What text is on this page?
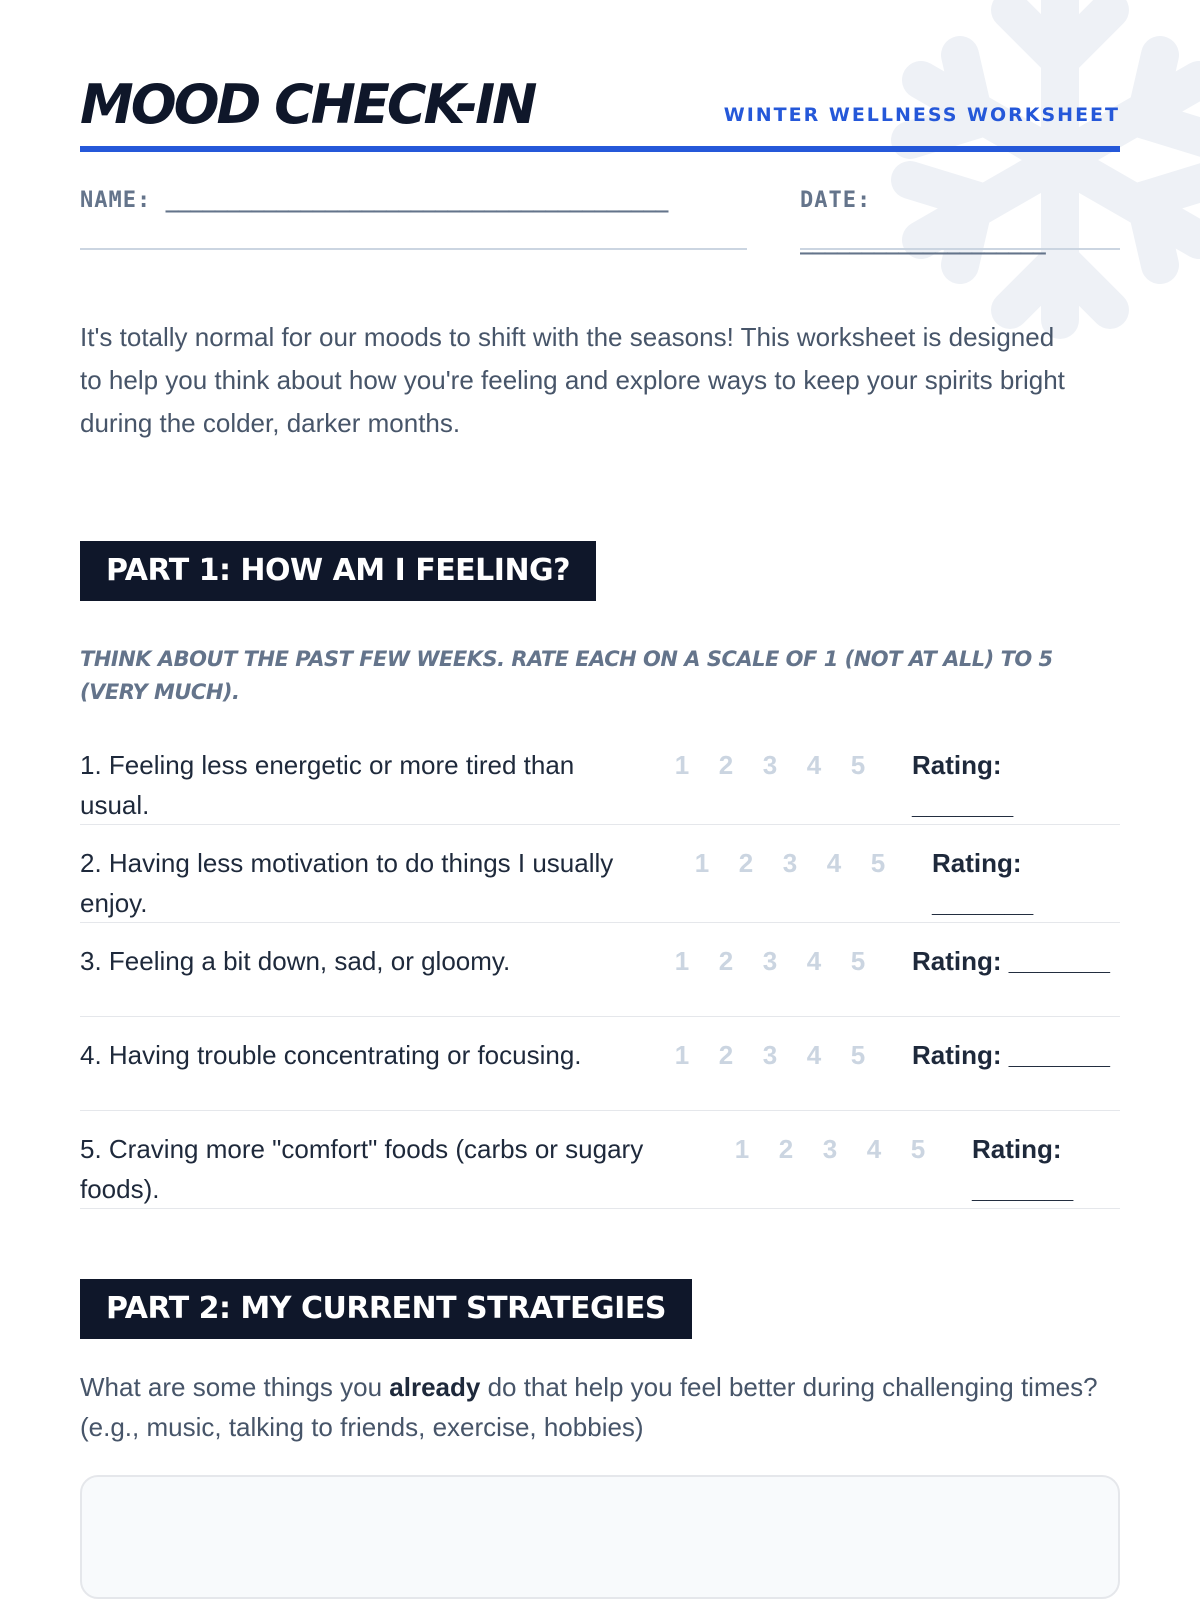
MOOD CHECK-IN	WINTER WELLNESS WORKSHEET
NAME: _________________________________________	DATE:
____________________

It's totally normal for our moods to shift with the seasons! This worksheet is designed to help you think about how you're feeling and explore ways to keep your spirits bright during the colder, darker months.

PART 1: HOW AM I FEELING?
THINK ABOUT THE PAST FEW WEEKS. RATE EACH ON A SCALE OF 1 (NOT AT ALL) TO 5 (VERY MUCH).
1. Feeling less energetic or more tired than usual.
1	2	3	4	5	Rating: _______
2. Having less motivation to do things I usually enjoy.
1	2	3	4	5	Rating: _______
3. Feeling a bit down, sad, or gloomy.	1	2	3	4	5	Rating: _______
4. Having trouble concentrating or focusing.	1	2	3	4	5	Rating: _______
5. Craving more "comfort" foods (carbs or sugary foods).
1	2	3	4	5	Rating: _______
PART 2: MY CURRENT STRATEGIES

What are some things you already do that help you feel better during challenging times? (e.g., music, talking to friends, exercise, hobbies)
